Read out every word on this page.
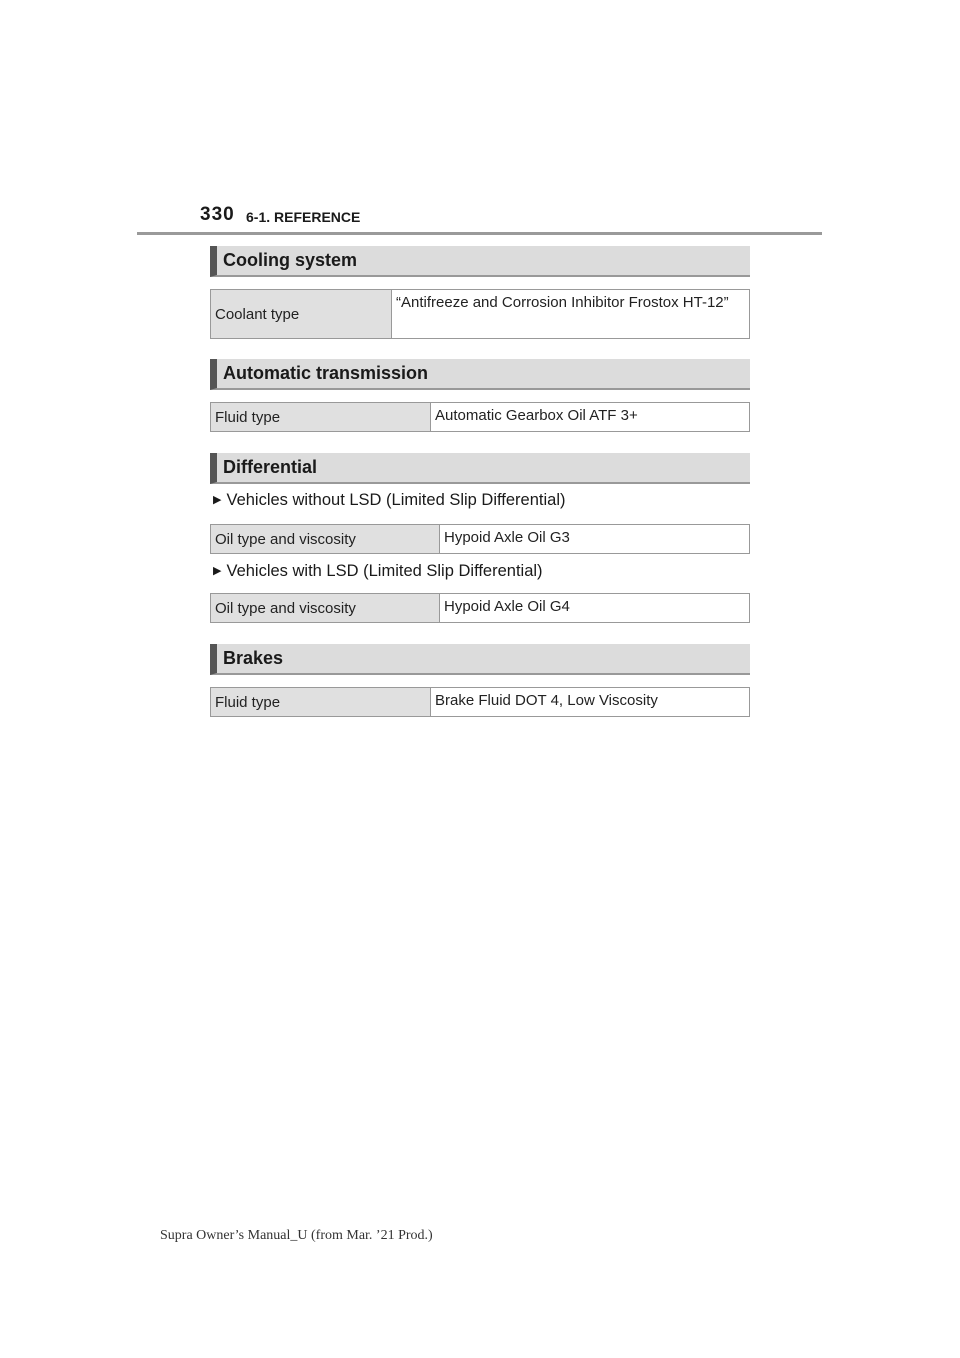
330 6-1. REFERENCE
Cooling system
Coolant type	“Antifreeze and Corrosion Inhibitor Frostox HT-12”
Automatic transmission
Fluid type	Automatic Gearbox Oil ATF 3+
Differential
▶ Vehicles without LSD (Limited Slip Differential)
Oil type and viscosity	Hypoid Axle Oil G3
▶ Vehicles with LSD (Limited Slip Differential)
Oil type and viscosity	Hypoid Axle Oil G4
Brakes
Fluid type	Brake Fluid DOT 4, Low Viscosity
Supra Owner’s Manual_U (from Mar. ’21 Prod.)
